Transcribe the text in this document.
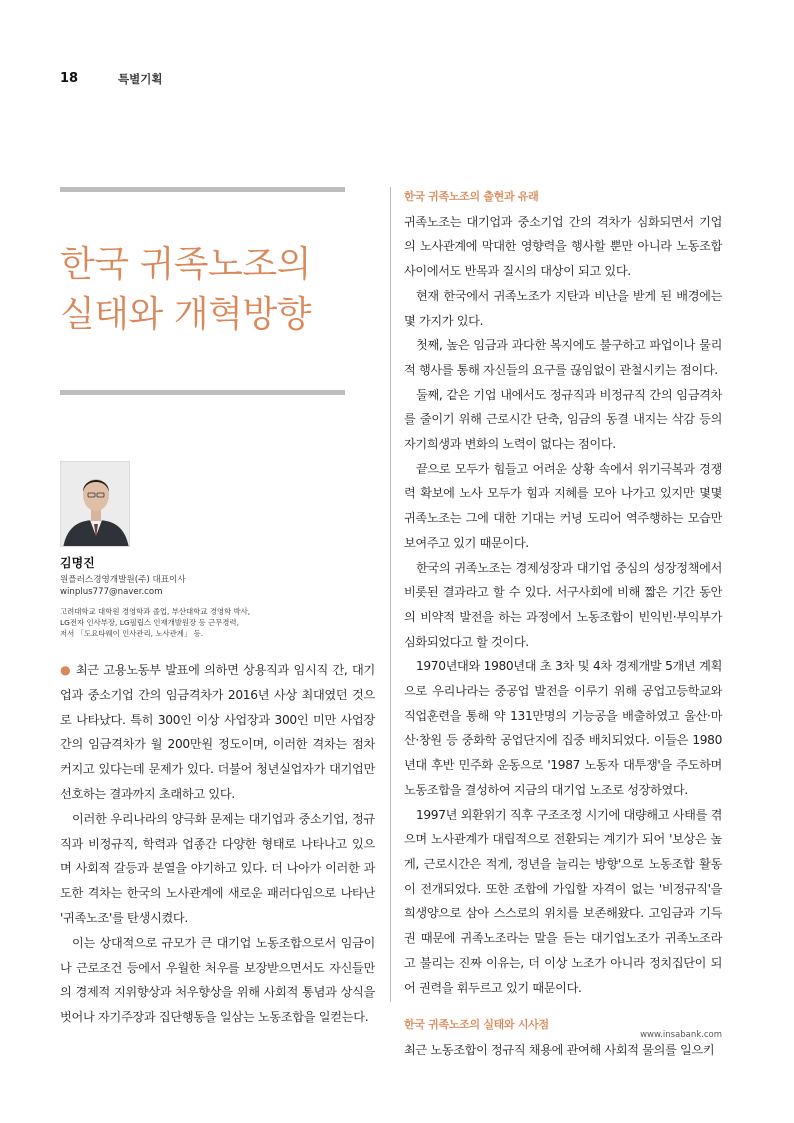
18	특별기획
한국 귀족노조의
실태와 개혁방향
김명진
원플러스경영개발원(주) 대표이사
winplus777@naver.com
고려대학교 대학원 경영학과 졸업, 부산대학교 경영학 박사,
LG전자 인사부장, LG필립스 인재개발원장 등 근무경력,
저서 「도요타웨이 인사관리, 노사관계」 등.

● 최근 고용노동부 발표에 의하면 상용직과 임시직 간, 대기업과 중소기업 간의 임금격차가 2016년 사상 최대였던 것으로 나타났다. 특히 300인 이상 사업장과 300인 미만 사업장 간의 임금격차가 월 200만원 정도이며, 이러한 격차는 점차 커지고 있다는데 문제가 있다. 더불어 청년실업자가 대기업만 선호하는 결과까지 초래하고 있다.

이러한 우리나라의 양극화 문제는 대기업과 중소기업, 정규직과 비정규직, 학력과 업종간 다양한 형태로 나타나고 있으며 사회적 갈등과 분열을 야기하고 있다. 더 나아가 이러한 과도한 격차는 한국의 노사관계에 새로운 패러다임으로 나타난 '귀족노조'를 탄생시켰다.

이는 상대적으로 규모가 큰 대기업 노동조합으로서 임금이나 근로조건 등에서 우월한 처우를 보장받으면서도 자신들만의 경제적 지위향상과 처우향상을 위해 사회적 통념과 상식을 벗어나 자기주장과 집단행동을 일삼는 노동조합을 일컫는다.

한국 귀족노조의 출현과 유래

귀족노조는 대기업과 중소기업 간의 격차가 심화되면서 기업의 노사관계에 막대한 영향력을 행사할 뿐만 아니라 노동조합 사이에서도 반목과 질시의 대상이 되고 있다.

현재 한국에서 귀족노조가 지탄과 비난을 받게 된 배경에는 몇 가지가 있다.

첫째, 높은 임금과 과다한 복지에도 불구하고 파업이나 물리적 행사를 통해 자신들의 요구를 끊임없이 관철시키는 점이다.

둘째, 같은 기업 내에서도 정규직과 비정규직 간의 임금격차를 줄이기 위해 근로시간 단축, 임금의 동결 내지는 삭감 등의 자기희생과 변화의 노력이 없다는 점이다.

끝으로 모두가 힘들고 어려운 상황 속에서 위기극복과 경쟁력 확보에 노사 모두가 힘과 지혜를 모아 나가고 있지만 몇몇 귀족노조는 그에 대한 기대는 커녕 도리어 역주행하는 모습만 보여주고 있기 때문이다.

한국의 귀족노조는 경제성장과 대기업 중심의 성장정책에서 비롯된 결과라고 할 수 있다. 서구사회에 비해 짧은 기간 동안의 비약적 발전을 하는 과정에서 노동조합이 빈익빈·부익부가 심화되었다고 할 것이다.

1970년대와 1980년대 초 3차 및 4차 경제개발 5개년 계획으로 우리나라는 중공업 발전을 이루기 위해 공업고등학교와 직업훈련을 통해 약 131만명의 기능공을 배출하였고 울산·마산·창원 등 중화학 공업단지에 집중 배치되었다. 이들은 1980년대 후반 민주화 운동으로 '1987 노동자 대투쟁'을 주도하며 노동조합을 결성하여 지금의 대기업 노조로 성장하였다.

1997년 외환위기 직후 구조조정 시기에 대량해고 사태를 겪으며 노사관계가 대립적으로 전환되는 계기가 되어 '보상은 높게, 근로시간은 적게, 정년을 늘리는 방향'으로 노동조합 활동이 전개되었다. 또한 조합에 가입할 자격이 없는 '비정규직'을 희생양으로 삼아 스스로의 위치를 보존해왔다. 고임금과 기득권 때문에 귀족노조라는 말을 듣는 대기업노조가 귀족노조라고 불리는 진짜 이유는, 더 이상 노조가 아니라 정치집단이 되어 권력을 휘두르고 있기 때문이다.

한국 귀족노조의 실태와 시사점

최근 노동조합이 정규직 채용에 관여해 사회적 물의를 일으키

www.insabank.com
